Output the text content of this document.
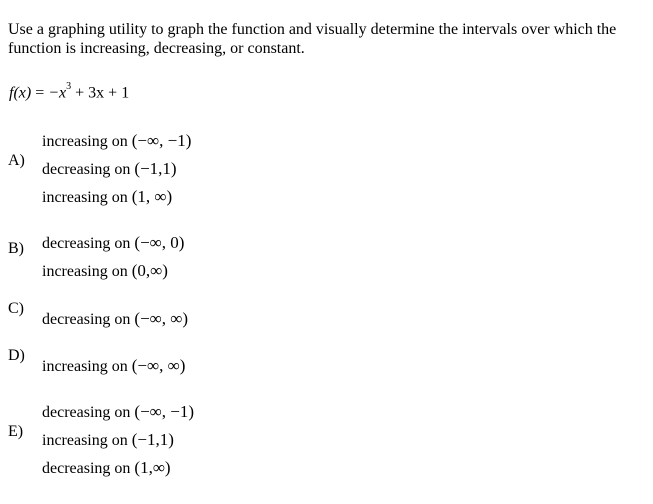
Use a graphing utility to graph the function and visually determine the intervals over which the function is increasing, decreasing, or constant.
$f(x) = -x^3 + 3x + 1$
A)
increasing on (−∞, −1)
decreasing on (−1,1)
increasing on (1, ∞)
B) decreasing on (−∞, 0)
increasing on (0,∞)
C)
decreasing on (−∞, ∞)
D)
increasing on (−∞, ∞)
E)
decreasing on (−∞, −1)
increasing on (−1,1)
decreasing on (1,∞)
